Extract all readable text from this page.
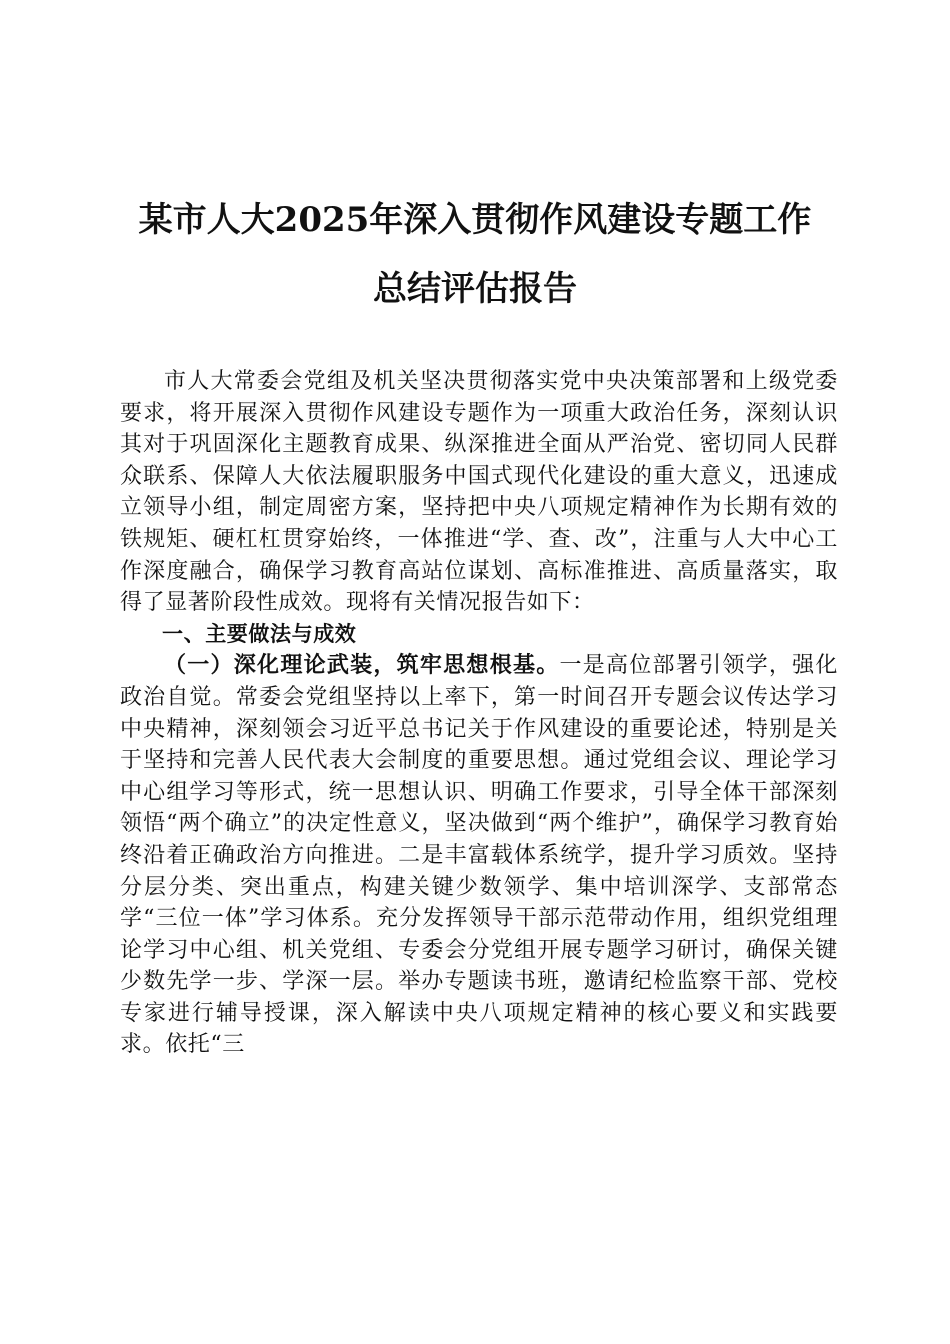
某市人大2025年深入贯彻作风建设专题工作
总结评估报告

市人大常委会党组及机关坚决贯彻落实党中央决策部署和上级党委要求，将开展深入贯彻作风建设专题作为一项重大政治任务，深刻认识其对于巩固深化主题教育成果、纵深推进全面从严治党、密切同人民群众联系、保障人大依法履职服务中国式现代化建设的重大意义，迅速成立领导小组，制定周密方案，坚持把中央八项规定精神作为长期有效的铁规矩、硬杠杠贯穿始终，一体推进“学、查、改”，注重与人大中心工作深度融合，确保学习教育高站位谋划、高标准推进、高质量落实，取得了显著阶段性成效。现将有关情况报告如下：

一、主要做法与成效

（一）深化理论武装，筑牢思想根基。一是高位部署引领学，强化政治自觉。常委会党组坚持以上率下，第一时间召开专题会议传达学习中央精神，深刻领会习近平总书记关于作风建设的重要论述，特别是关于坚持和完善人民代表大会制度的重要思想。通过党组会议、理论学习中心组学习等形式，统一思想认识、明确工作要求，引导全体干部深刻领悟“两个确立”的决定性意义，坚决做到“两个维护”，确保学习教育始终沿着正确政治方向推进。二是丰富载体系统学，提升学习质效。坚持分层分类、突出重点，构建关键少数领学、集中培训深学、支部常态学“三位一体”学习体系。充分发挥领导干部示范带动作用，组织党组理论学习中心组、机关党组、专委会分党组开展专题学习研讨，确保关键少数先学一步、学深一层。举办专题读书班，邀请纪检监察干部、党校专家进行辅导授课，深入解读中央八项规定精神的核心要义和实践要求。依托“三
